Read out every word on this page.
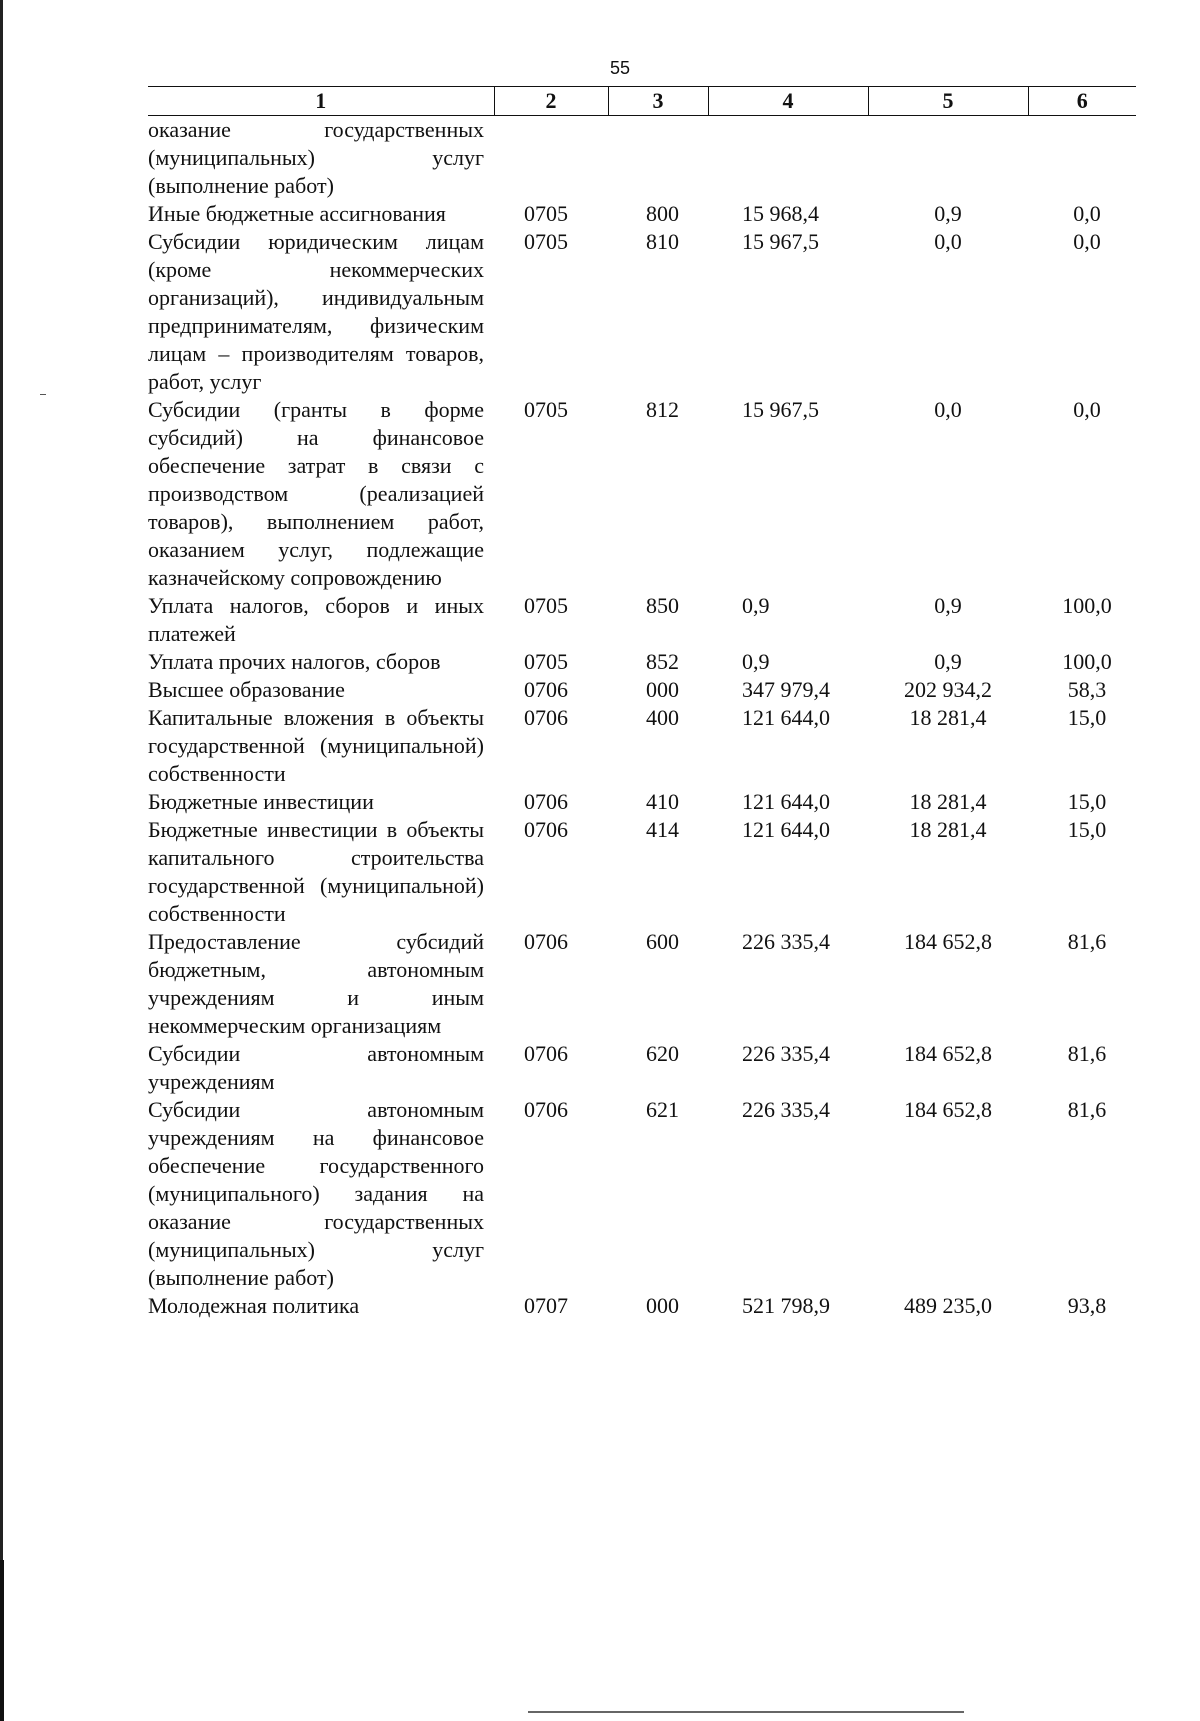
55
1	2	3	4	5	6
оказание государственных (муниципальных) услуг (выполнение работ)					
Иные бюджетные ассигнования	0705	800	15 968,4	0,9	0,0
Субсидии юридическим лицам (кроме некоммерческих организаций), индивидуальным предпринимателям, физическим лицам – производителям товаров, работ, услуг	0705	810	15 967,5	0,0	0,0
Субсидии (гранты в форме субсидий) на финансовое обеспечение затрат в связи с производством (реализацией товаров), выполнением работ, оказанием услуг, подлежащие казначейскому сопровождению	0705	812	15 967,5	0,0	0,0
Уплата налогов, сборов и иных платежей	0705	850	0,9	0,9	100,0
Уплата прочих налогов, сборов	0705	852	0,9	0,9	100,0
Высшее образование	0706	000	347 979,4	202 934,2	58,3
Капитальные вложения в объекты государственной (муниципальной) собственности	0706	400	121 644,0	18 281,4	15,0
Бюджетные инвестиции	0706	410	121 644,0	18 281,4	15,0
Бюджетные инвестиции в объекты капитального строительства государственной (муниципальной) собственности	0706	414	121 644,0	18 281,4	15,0
Предоставление субсидий бюджетным, автономным учреждениям и иным некоммерческим организациям	0706	600	226 335,4	184 652,8	81,6
Субсидии автономным учреждениям	0706	620	226 335,4	184 652,8	81,6
Субсидии автономным учреждениям на финансовое обеспечение государственного (муниципального) задания на оказание государственных (муниципальных) услуг (выполнение работ)	0706	621	226 335,4	184 652,8	81,6
Молодежная политика	0707	000	521 798,9	489 235,0	93,8
